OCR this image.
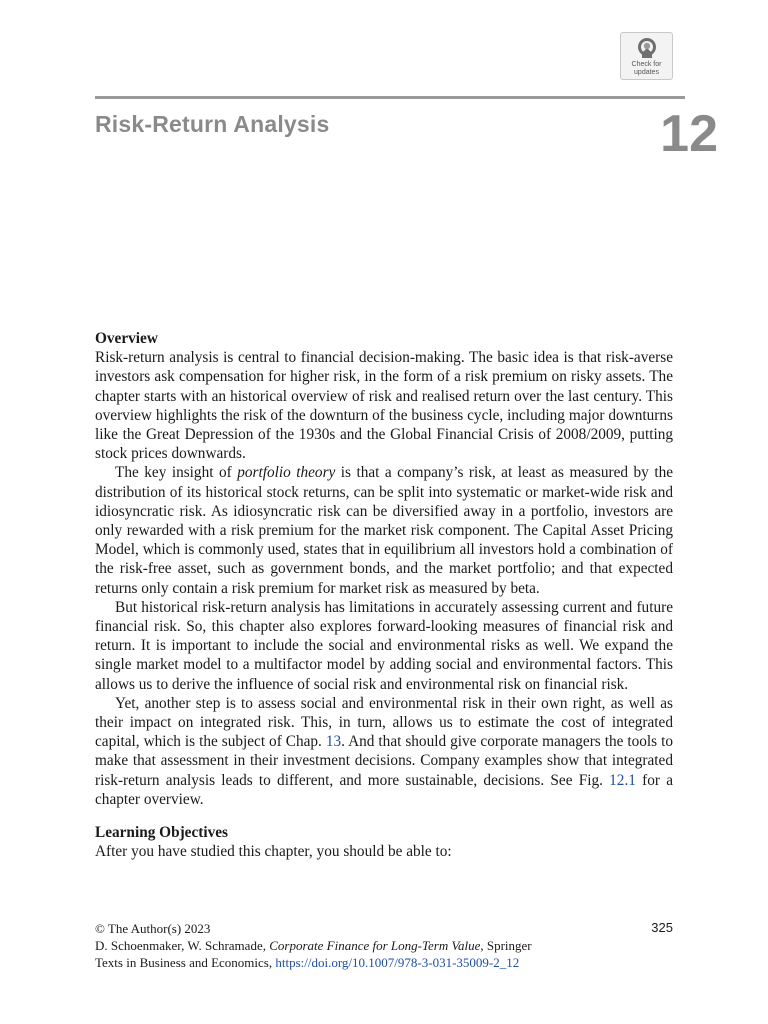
Check for
updates
Risk-Return Analysis	12
Overview

Risk-return analysis is central to financial decision-making. The basic idea is that risk-averse investors ask compensation for higher risk, in the form of a risk premium on risky assets. The chapter starts with an historical overview of risk and realised return over the last century. This overview highlights the risk of the downturn of the business cycle, including major downturns like the Great Depression of the 1930s and the Global Financial Crisis of 2008/2009, putting stock prices downwards.

The key insight of portfolio theory is that a company’s risk, at least as measured by the distribution of its historical stock returns, can be split into systematic or market-wide risk and idiosyncratic risk. As idiosyncratic risk can be diversified away in a portfolio, investors are only rewarded with a risk premium for the market risk component. The Capital Asset Pricing Model, which is commonly used, states that in equilibrium all investors hold a combination of the risk-free asset, such as government bonds, and the market portfolio; and that expected returns only contain a risk premium for market risk as measured by beta.

But historical risk-return analysis has limitations in accurately assessing current and future financial risk. So, this chapter also explores forward-looking measures of financial risk and return. It is important to include the social and environmental risks as well. We expand the single market model to a multifactor model by adding social and environmental factors. This allows us to derive the influence of social risk and environmental risk on financial risk.

Yet, another step is to assess social and environmental risk in their own right, as well as their impact on integrated risk. This, in turn, allows us to estimate the cost of integrated capital, which is the subject of Chap. 13. And that should give corporate managers the tools to make that assessment in their investment decisions. Company examples show that integrated risk-return analysis leads to different, and more sustainable, decisions. See Fig. 12.1 for a chapter overview.

Learning Objectives

After you have studied this chapter, you should be able to:

© The Author(s) 2023
D. Schoenmaker, W. Schramade, Corporate Finance for Long-Term Value, Springer
Texts in Business and Economics, https://doi.org/10.1007/978-3-031-35009-2_12
325
